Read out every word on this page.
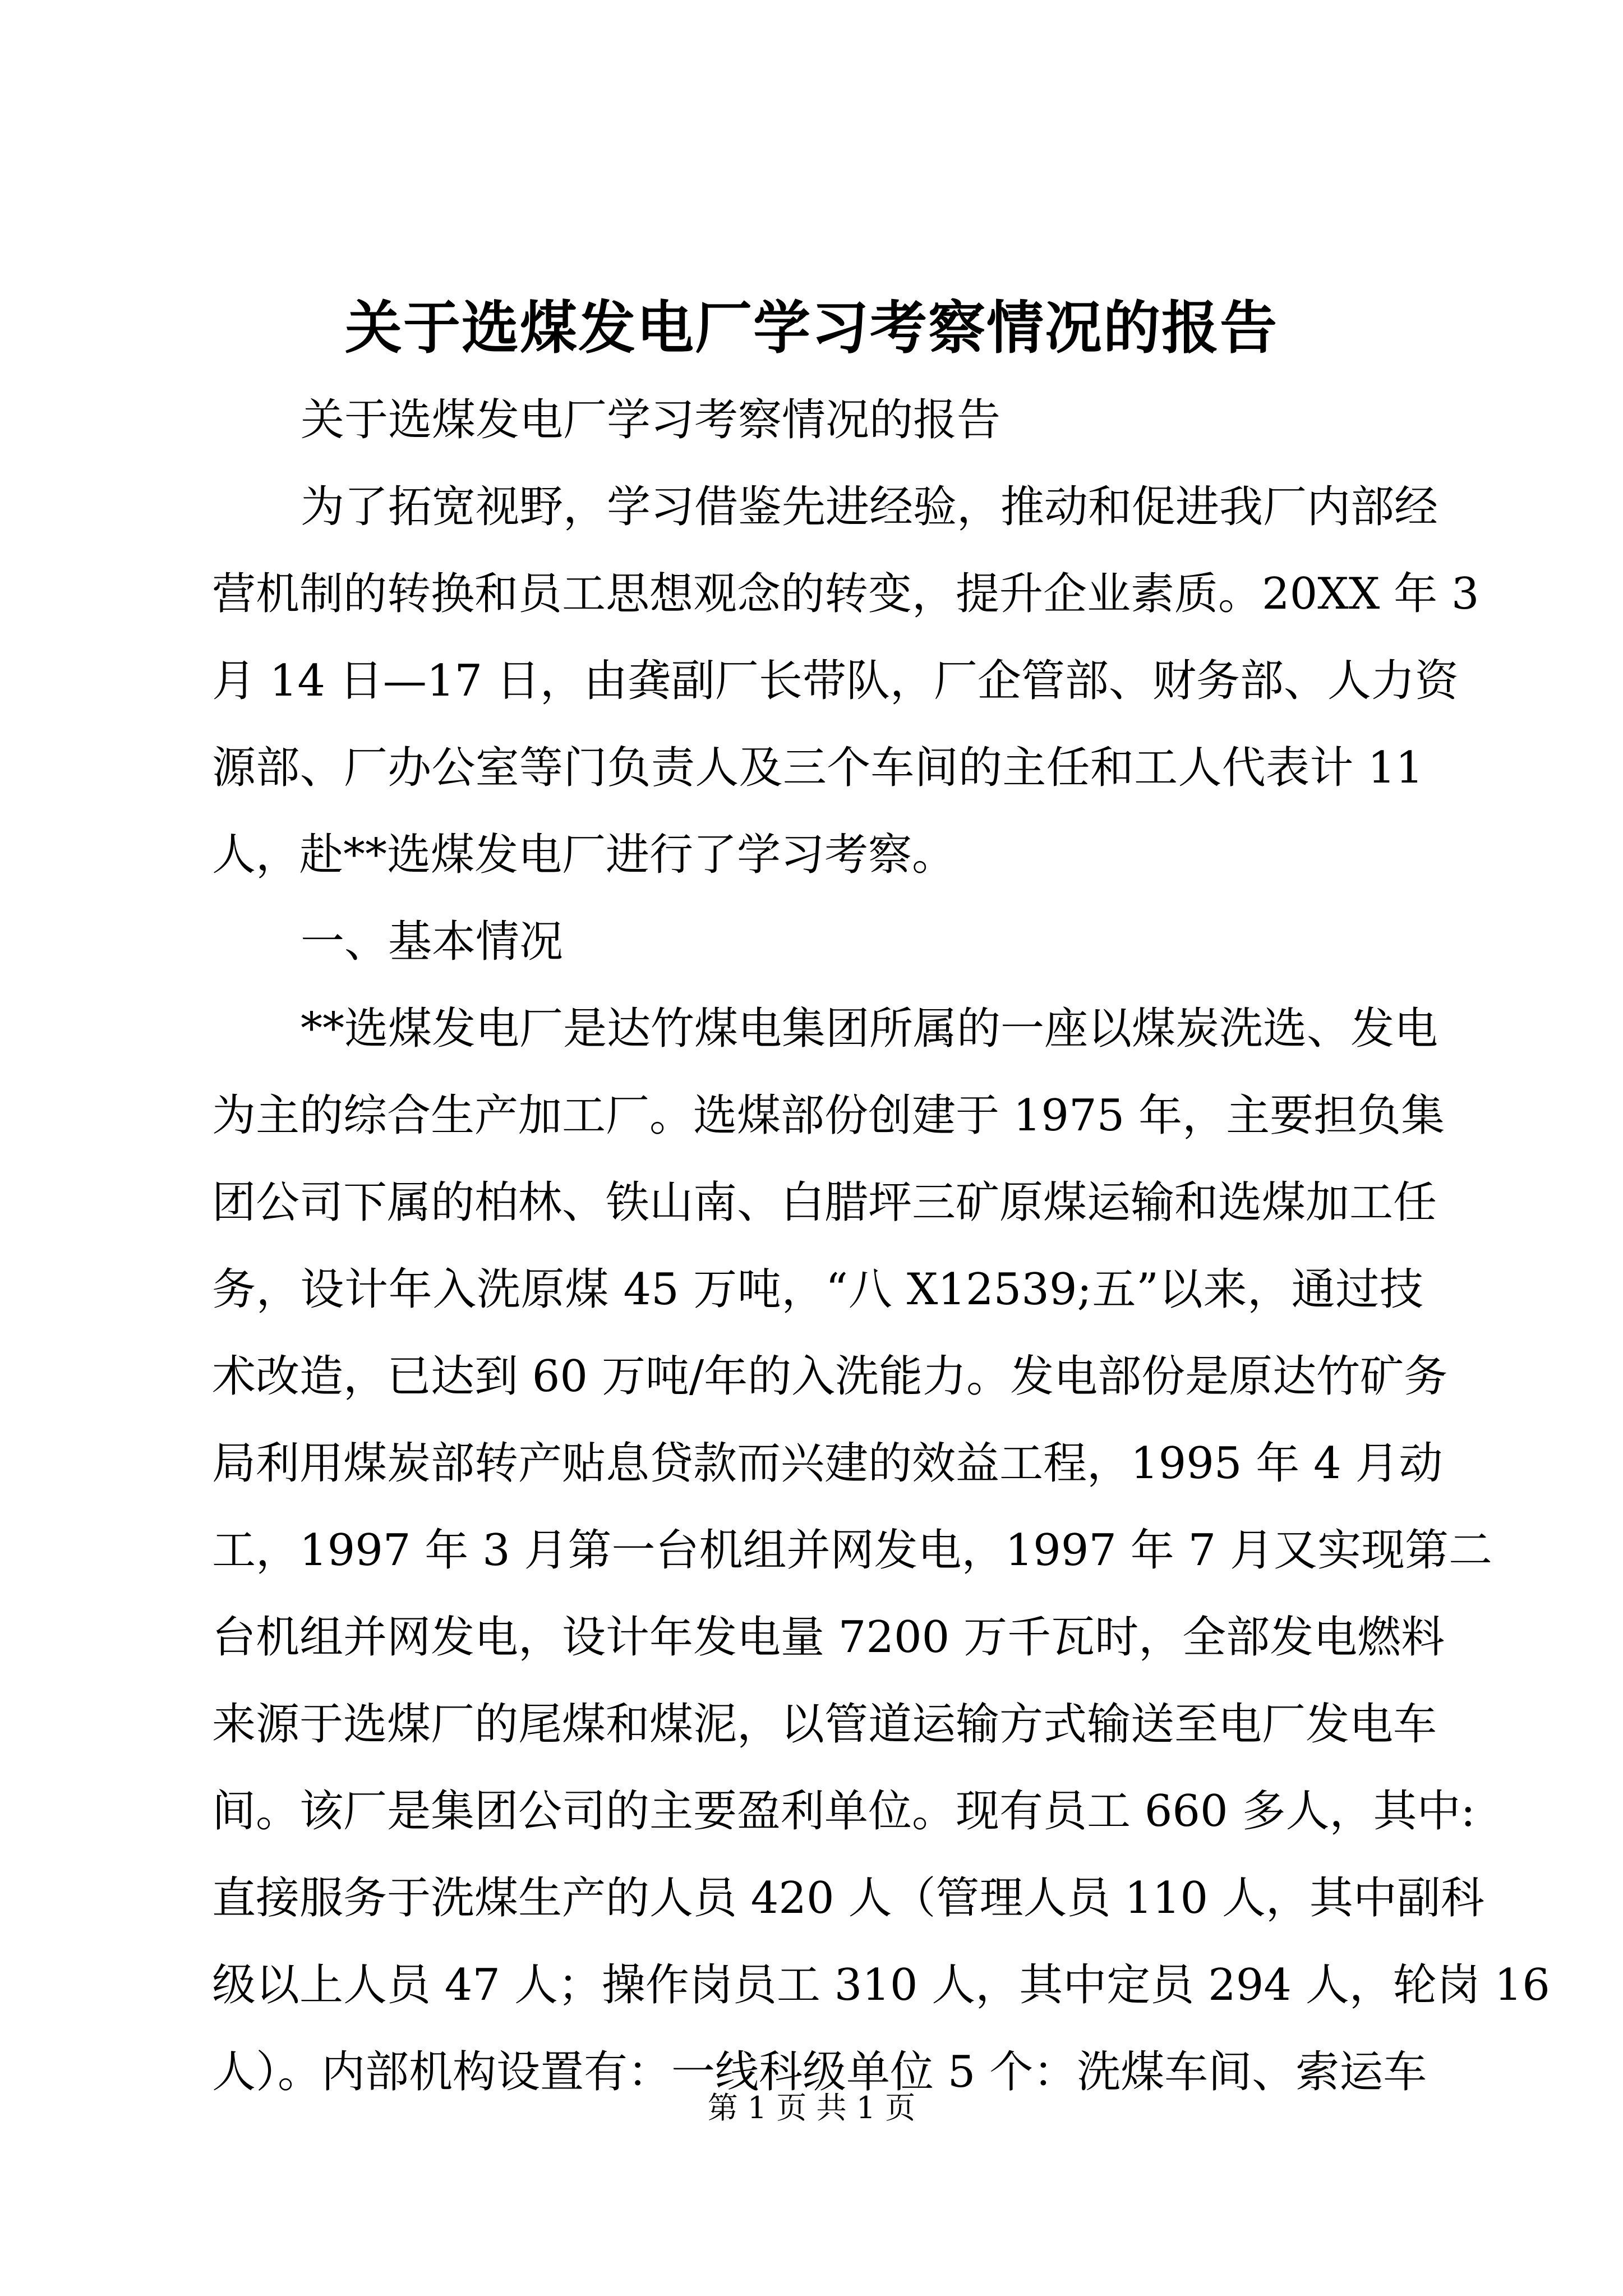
关于选煤发电厂学习考察情况的报告
关于选煤发电厂学习考察情况的报告
为了拓宽视野，学习借鉴先进经验，推动和促进我厂内部经
营机制的转换和员工思想观念的转变，提升企业素质。20XX 年 3
月 14 日—17 日，由龚副厂长带队，厂企管部、财务部、人力资
源部、厂办公室等门负责人及三个车间的主任和工人代表计 11
人，赴**选煤发电厂进行了学习考察。
一、基本情况
**选煤发电厂是达竹煤电集团所属的一座以煤炭洗选、发电
为主的综合生产加工厂。选煤部份创建于 1975 年，主要担负集
团公司下属的柏林、铁山南、白腊坪三矿原煤运输和选煤加工任
务，设计年入洗原煤 45 万吨，“八 X12539;五”以来，通过技
术改造，已达到 60 万吨/年的入洗能力。发电部份是原达竹矿务
局利用煤炭部转产贴息贷款而兴建的效益工程，1995 年 4 月动
工，1997 年 3 月第一台机组并网发电，1997 年 7 月又实现第二
台机组并网发电，设计年发电量 7200 万千瓦时，全部发电燃料
来源于选煤厂的尾煤和煤泥，以管道运输方式输送至电厂发电车
间。该厂是集团公司的主要盈利单位。现有员工 660 多人，其中:
直接服务于洗煤生产的人员 420 人（管理人员 110 人，其中副科
级以上人员 47 人；操作岗员工 310 人，其中定员 294 人，轮岗 16
人）。内部机构设置有：一线科级单位 5 个：洗煤车间、索运车
第 1 页 共 1 页
